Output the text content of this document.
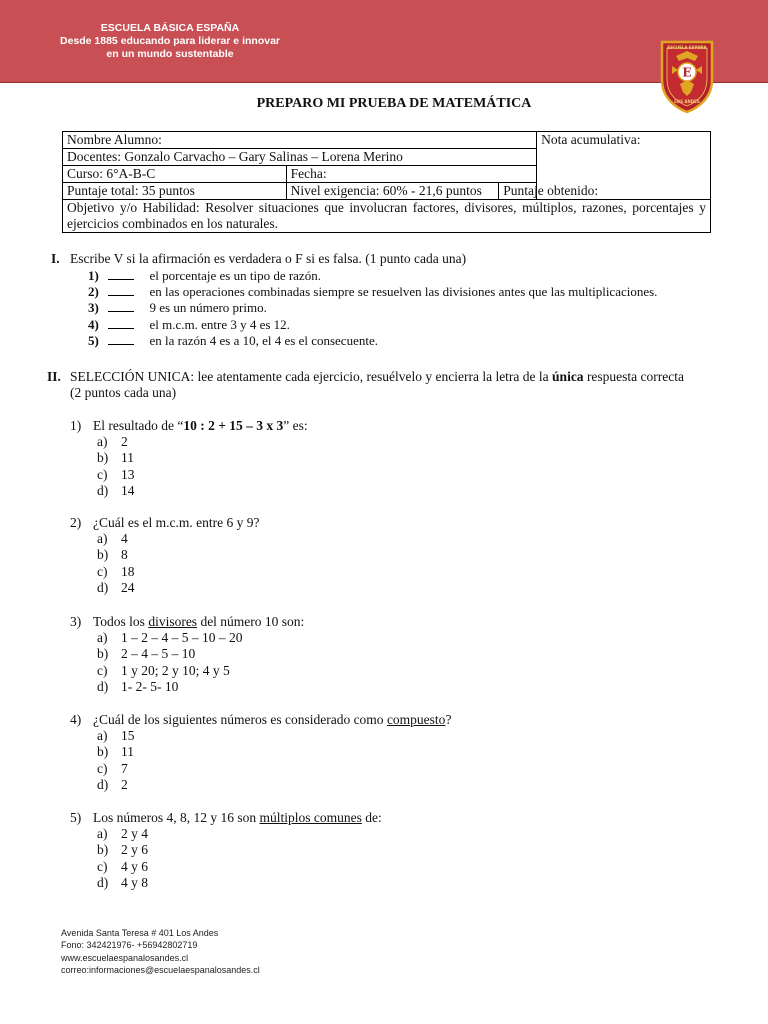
ESCUELA BÁSICA ESPAÑA
Desde 1885 educando para liderar e innovar
en un mundo sustentable
ESCUELA ESPAÑA
E
LOS ANDES
PREPARO MI PRUEBA DE MATEMÁTICA
Nombre Alumno:			Nota acumulativa:
Docentes: Gonzalo Carvacho – Gary Salinas – Lorena Merino			
Curso: 6°A-B-C	Fecha:		
Puntaje total: 35 puntos	Nivel exigencia: 60% - 21,6 puntos	Puntaje obtenido:	
Objetivo y/o Habilidad: Resolver situaciones que involucran factores, divisores, múltiplos, razones, porcentajes y ejercicios combinados en los naturales.			
I. Escribe V si la afirmación es verdadera o F si es falsa. (1 punto cada una)
1)	el porcentaje es un tipo de razón.
2)	en las operaciones combinadas siempre se resuelven las divisiones antes que las multiplicaciones.
3)	9 es un número primo.
4)	el m.c.m. entre 3 y 4 es 12.
5)	en la razón 4 es a 10, el 4 es el consecuente.
II. SELECCIÓN UNICA: lee atentamente cada ejercicio, resuélvelo y encierra la letra de la única respuesta correcta
(2 puntos cada una)
1) El resultado de “10 : 2 + 15 – 3 x 3” es:
a) 2
b) 11
c) 13
d) 14
2) ¿Cuál es el m.c.m. entre 6 y 9?
a) 4
b) 8
c) 18
d) 24
3) Todos los divisores del número 10 son:
a) 1 – 2 – 4 – 5 – 10 – 20
b) 2 – 4 – 5 – 10
c) 1 y 20; 2 y 10; 4 y 5
d) 1- 2- 5- 10
4) ¿Cuál de los siguientes números es considerado como compuesto?
a) 15
b) 11
c) 7
d) 2
5) Los números 4, 8, 12 y 16 son múltiplos comunes de:
a) 2 y 4
b) 2 y 6
c) 4 y 6
d) 4 y 8
Avenida Santa Teresa # 401 Los Andes
Fono: 342421976- +56942802719
www.escuelaespanalosandes.cl
correo:informaciones@escuelaespanalosandes.cl
